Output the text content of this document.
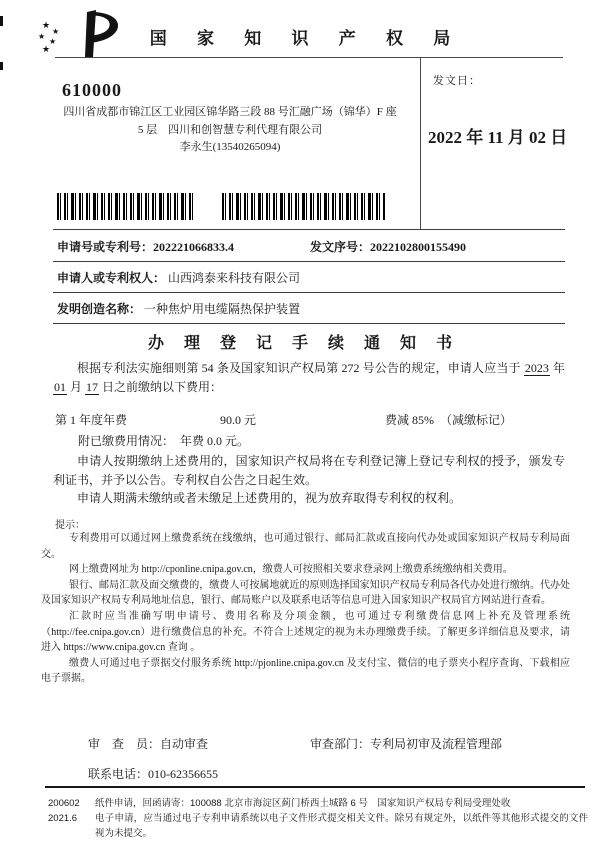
★
★
★
★
★
国 家 知 识 产 权 局
610000
四川省成都市锦江区工业园区锦华路三段 88 号汇融广场（锦华）F 座
5 层　四川和创智慧专利代理有限公司
李永生(13540265094)
发文日：
2022 年 11 月 02 日
申请号或专利号：202221066833.4	发文序号：2022102800155490
申请人或专利权人： 山西鸿泰来科技有限公司
发明创造名称： 一种焦炉用电缆隔热保护装置
办 理 登 记 手 续 通 知 书
根据专利法实施细则第 54 条及国家知识产权局第 272 号公告的规定，申请人应当于 2023 年 01 月 17 日之前缴纳以下费用：
第 1 年度年费	90.0 元	费减 85%　（减缴标记）
附已缴费用情况：　年费 0.0 元。
申请人按期缴纳上述费用的，国家知识产权局将在专利登记簿上登记专利权的授予，颁发专利证书，并予以公告。专利权自公告之日起生效。
申请人期满未缴纳或者未缴足上述费用的，视为放弃取得专利权的权利。
提示：

专利费用可以通过网上缴费系统在线缴纳，也可通过银行、邮局汇款或直接向代办处或国家知识产权局专利局面交。

网上缴费网址为 http://cponline.cnipa.gov.cn，缴费人可按照相关要求登录网上缴费系统缴纳相关费用。

银行、邮局汇款及面交缴费的，缴费人可按属地就近的原则选择国家知识产权局专利局各代办处进行缴纳。代办处及国家知识产权局专利局地址信息，银行、邮局账户以及联系电话等信息可进入国家知识产权局官方网站进行查看。

汇款时应当准确写明申请号、费用名称及分项金额，也可通过专利缴费信息网上补充及管理系统（http://fee.cnipa.gov.cn）进行缴费信息的补充。不符合上述规定的视为未办理缴费手续。了解更多详细信息及要求，请进入 https://www.cnipa.gov.cn 查询 。

缴费人可通过电子票据交付服务系统 http://pjonline.cnipa.gov.cn 及支付宝、微信的电子票夹小程序查询、下载相应电子票据。

审　查　员：自动审查	审查部门：专利局初审及流程管理部
联系电话：010-62356655
200602
2021.6

纸件申请，回函请寄：100088 北京市海淀区蓟门桥西土城路 6 号　国家知识产权局专利局受理处收

电子申请，应当通过电子专利申请系统以电子文件形式提交相关文件。除另有规定外，以纸件等其他形式提交的文件视为未提交。
